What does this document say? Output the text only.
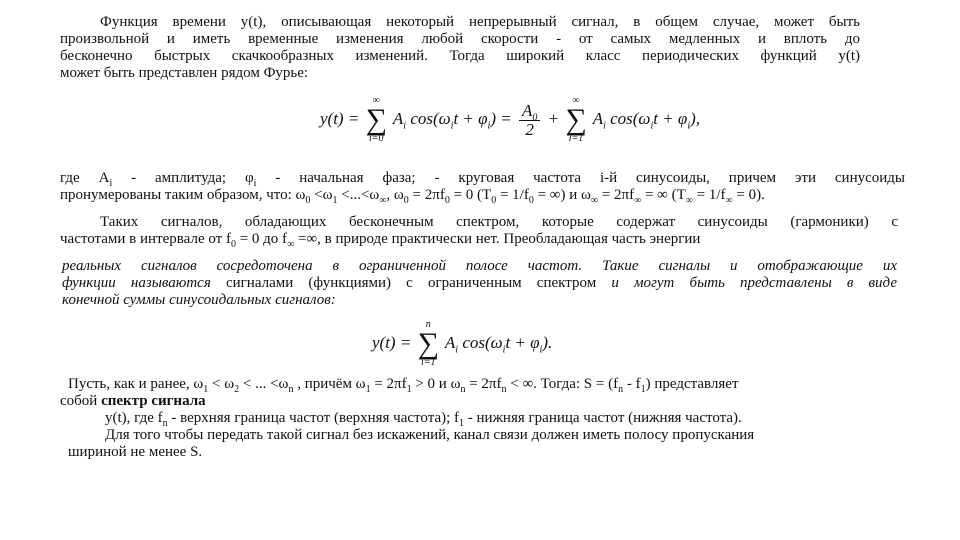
Функция времени y(t), описывающая некоторый непрерывный сигнал, в общем случае, может быть
произвольной и иметь временные изменения любой скорости - от самых медленных и вплоть до
бесконечно быстрых скачкообразных изменений. Тогда широкий класс периодических функций y(t)
может быть представлен рядом Фурье:
y(t) =
∞
∑
i=0
$A_i$ $\cos(\omega_it + \varphi_i) = \frac{A_0}{2}$ +
∞
∑
i=1
$A_i$ $\cos(\omega_it + \varphi_i)$,
где $A_i$ - амплитуда; $\varphi_i$ - начальная фаза; - круговая частота i-й синусоиды, причем эти синусоиды
пронумерованы таким образом, что: $\omega_0 <\omega_1 <...<\omega_\infty$, $\omega_0 = 2\pi f_0 = 0$ ($T_0 = 1/f_0$ = ∞) и $\omega_\infty = 2\pi f_\infty$ = ∞ $(T_\infty = 1/f_\infty = 0)$.
Таких сигналов, обладающих бесконечным спектром, которые содержат синусоиды (гармоники) с
частотами в интервале от $f_0 = 0$ до $f_\infty$ =∞, в природе практически нет. Преобладающая часть энергии
реальных сигналов сосредоточена в ограниченной полосе частот. Такие сигналы и отображающие их
функции называются сигналами (функциями) с ограниченным спектром и могут быть представлены в виде
конечной суммы синусоидальных сигналов:
y(t) =
n
∑
i=1
$A_i$ $\cos(\omega_it + \varphi_i)$.
Пусть, как и ранее, $\omega_1 < \omega_2$ < ... $<\omega_n$ , причём $\omega_1 = 2\pi f_1 > 0$ и $\omega_n = 2\pi f_n$ < ∞. Тогда: $S = (f_n - f_1)$ представляет
собой спектр сигнала
y(t), где $f_n$ - верхняя граница частот (верхняя частота); $f_1$ - нижняя граница частот (нижняя частота).
Для того чтобы передать такой сигнал без искажений, канал связи должен иметь полосу пропускания
шириной не менее S.
